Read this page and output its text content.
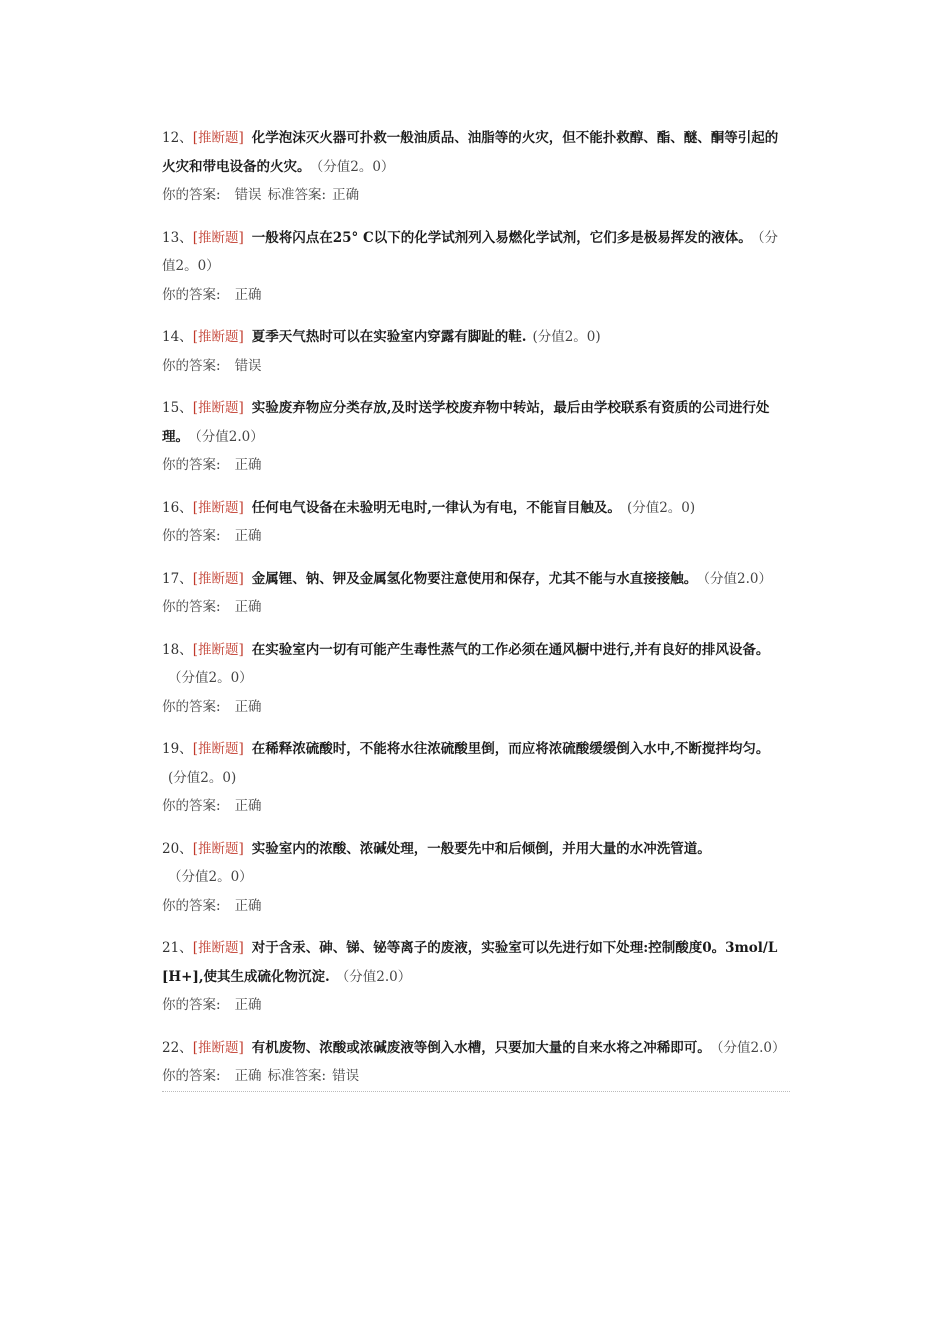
12、[推断题] 化学泡沫灭火器可扑救一般油质品、油脂等的火灾，但不能扑救醇、酯、醚、酮等引起的火灾和带电设备的火灾。 （分值2。0）

你的答案: 错误 标准答案: 正确

13、[推断题] 一般将闪点在25° C以下的化学试剂列入易燃化学试剂，它们多是极易挥发的液体。 （分值2。0）

你的答案: 正确

14、[推断题] 夏季天气热时可以在实验室内穿露有脚趾的鞋. (分值2。0)

你的答案: 错误

15、[推断题] 实验废弃物应分类存放,及时送学校废弃物中转站，最后由学校联系有资质的公司进行处理。 （分值2.0）

你的答案: 正确

16、[推断题] 任何电气设备在未验明无电时,一律认为有电，不能盲目触及。 (分值2。0)

你的答案: 正确

17、[推断题] 金属锂、钠、钾及金属氢化物要注意使用和保存，尤其不能与水直接接触。 （分值2.0）

你的答案: 正确

18、[推断题] 在实验室内一切有可能产生毒性蒸气的工作必须在通风橱中进行,并有良好的排风设备。（分值2。0）

你的答案: 正确

19、[推断题] 在稀释浓硫酸时，不能将水往浓硫酸里倒，而应将浓硫酸缓缓倒入水中,不断搅拌均匀。(分值2。0)

你的答案: 正确

20、[推断题] 实验室内的浓酸、浓碱处理，一般要先中和后倾倒，并用大量的水冲洗管道。（分值2。0）

你的答案: 正确

21、[推断题] 对于含汞、砷、锑、铋等离子的废液，实验室可以先进行如下处理:控制酸度0。3mol/L [H+],使其生成硫化物沉淀. （分值2.0）

你的答案: 正确

22、[推断题] 有机废物、浓酸或浓碱废液等倒入水槽，只要加大量的自来水将之冲稀即可。 （分值2.0）

你的答案: 正确 标准答案: 错误
